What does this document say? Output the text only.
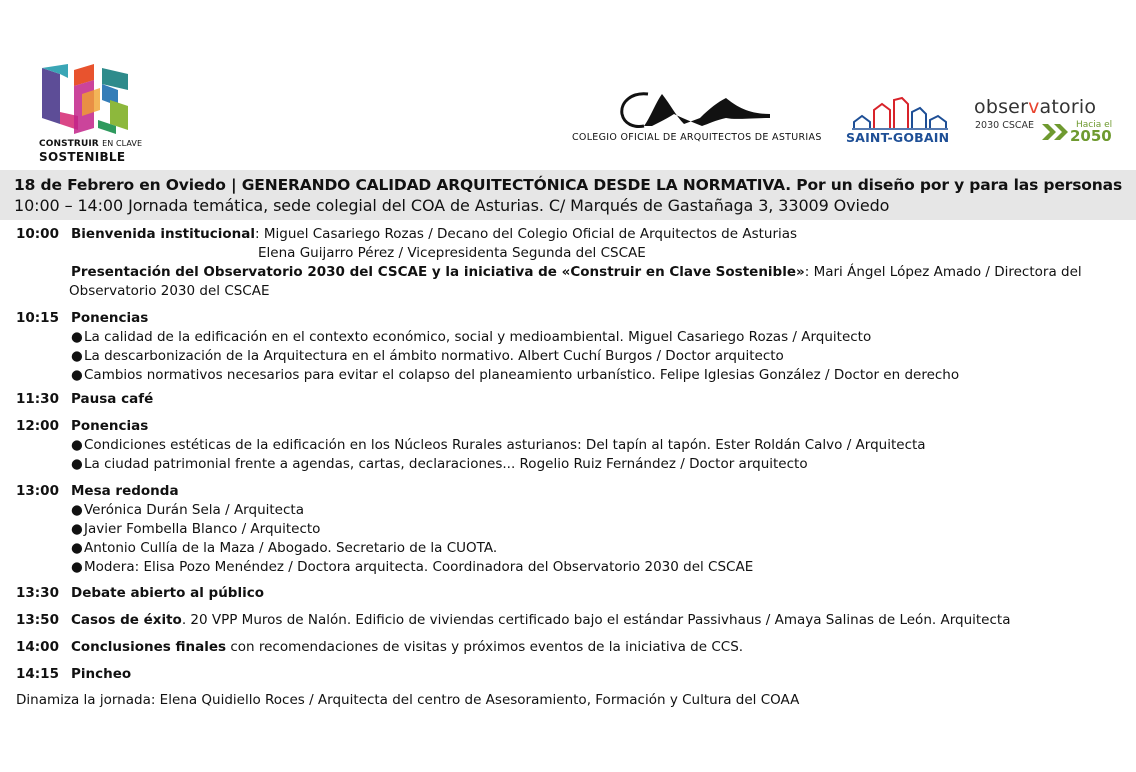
CONSTRUIR EN CLAVE
SOSTENIBLE
COLEGIO OFICIAL DE ARQUITECTOS DE ASTURIAS SAINT-GOBAIN
observatorio
2030 CSCAE	Hacia el
2050
18 de Febrero en Oviedo | GENERANDO CALIDAD ARQUITECTÓNICA DESDE LA NORMATIVA. Por un diseño por y para las personas
10:00 – 14:00 Jornada temática, sede colegial del COA de Asturias. C/ Marqués de Gastañaga 3, 33009 Oviedo
10:00 Bienvenida institucional: Miguel Casariego Rozas / Decano del Colegio Oficial de Arquitectos de Asturias
Elena Guijarro Pérez / Vicepresidenta Segunda del CSCAE
Presentación del Observatorio 2030 del CSCAE y la iniciativa de «Construir en Clave Sostenible»: Mari Ángel López Amado / Directora del
Observatorio 2030 del CSCAE
10:15 Ponencias
●La calidad de la edificación en el contexto económico, social y medioambiental. Miguel Casariego Rozas / Arquitecto
●La descarbonización de la Arquitectura en el ámbito normativo. Albert Cuchí Burgos / Doctor arquitecto
●Cambios normativos necesarios para evitar el colapso del planeamiento urbanístico. Felipe Iglesias González / Doctor en derecho
11:30 Pausa café
12:00 Ponencias
●Condiciones estéticas de la edificación en los Núcleos Rurales asturianos: Del tapín al tapón. Ester Roldán Calvo / Arquitecta
●La ciudad patrimonial frente a agendas, cartas, declaraciones... Rogelio Ruiz Fernández / Doctor arquitecto
13:00 Mesa redonda
●Verónica Durán Sela / Arquitecta
●Javier Fombella Blanco / Arquitecto
●Antonio Cullía de la Maza / Abogado. Secretario de la CUOTA.
●Modera: Elisa Pozo Menéndez / Doctora arquitecta. Coordinadora del Observatorio 2030 del CSCAE
13:30 Debate abierto al público
13:50 Casos de éxito. 20 VPP Muros de Nalón. Edificio de viviendas certificado bajo el estándar Passivhaus / Amaya Salinas de León. Arquitecta
14:00 Conclusiones finales con recomendaciones de visitas y próximos eventos de la iniciativa de CCS.
14:15 Pincheo
Dinamiza la jornada: Elena Quidiello Roces / Arquitecta del centro de Asesoramiento, Formación y Cultura del COAA
